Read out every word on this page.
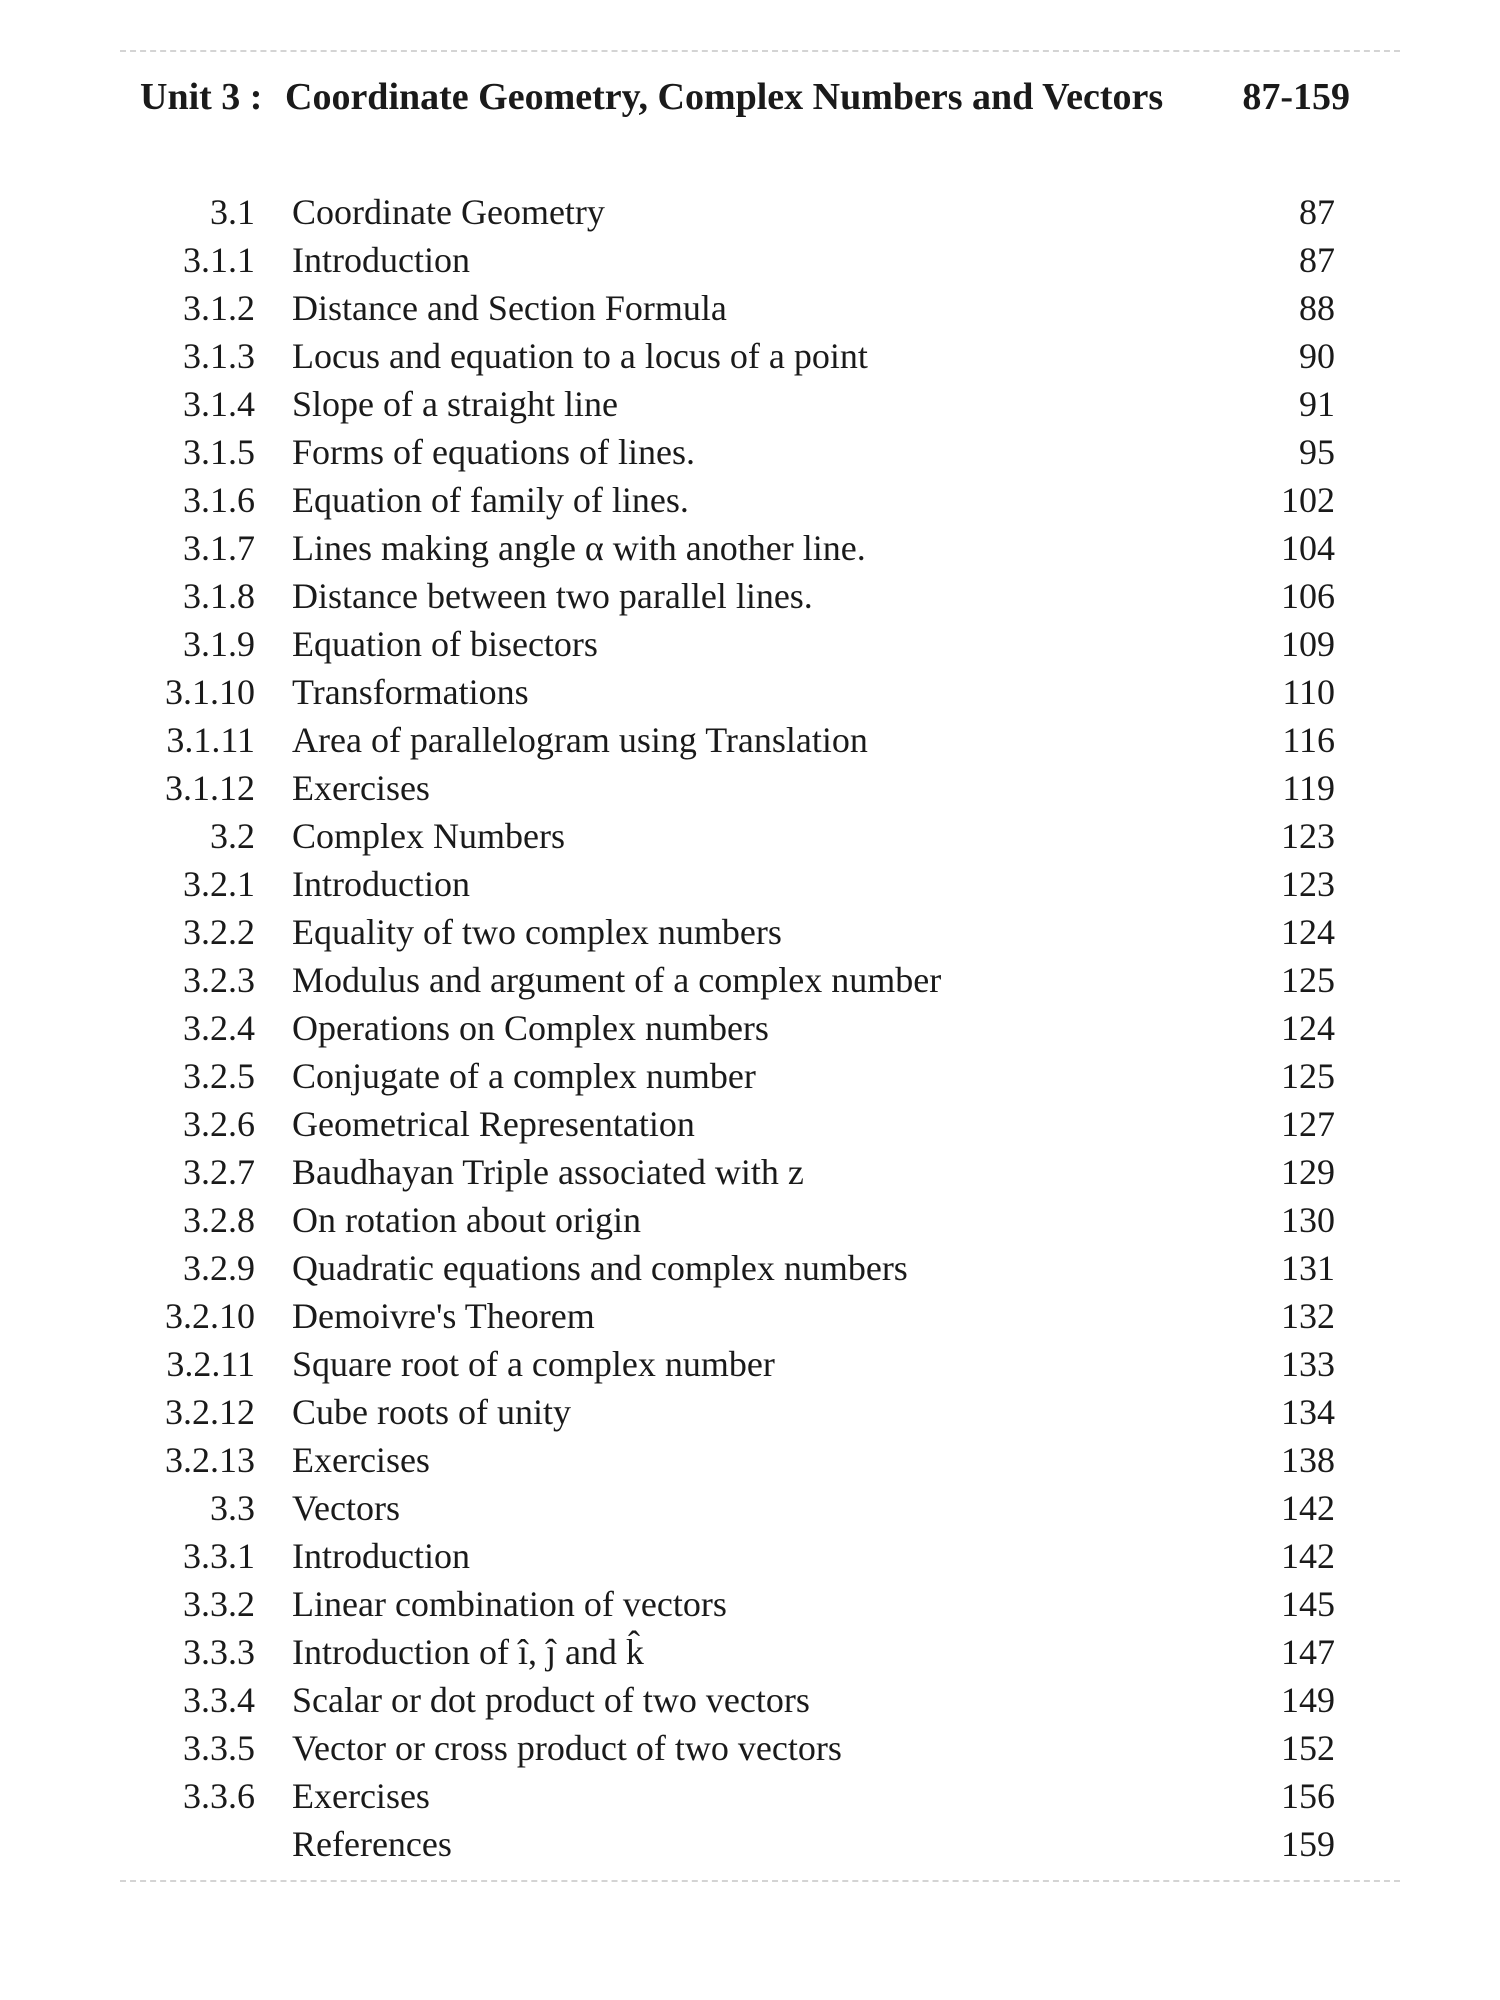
Unit 3 : Coordinate Geometry, Complex Numbers and Vectors	87-159
3.1 Coordinate Geometry	87
3.1.1 Introduction	87
3.1.2 Distance and Section Formula	88
3.1.3 Locus and equation to a locus of a point	90
3.1.4 Slope of a straight line	91
3.1.5 Forms of equations of lines.	95
3.1.6 Equation of family of lines.	102
3.1.7 Lines making angle α with another line.	104
3.1.8 Distance between two parallel lines.	106
3.1.9 Equation of bisectors	109
3.1.10 Transformations	110
3.1.11 Area of parallelogram using Translation	116
3.1.12 Exercises	119
3.2 Complex Numbers	123
3.2.1 Introduction	123
3.2.2 Equality of two complex numbers	124
3.2.3 Modulus and argument of a complex number	125
3.2.4 Operations on Complex numbers	124
3.2.5 Conjugate of a complex number	125
3.2.6 Geometrical Representation	127
3.2.7 Baudhayan Triple associated with z	129
3.2.8 On rotation about origin	130
3.2.9 Quadratic equations and complex numbers	131
3.2.10 Demoivre's Theorem	132
3.2.11 Square root of a complex number	133
3.2.12 Cube roots of unity	134
3.2.13 Exercises	138
3.3 Vectors	142
3.3.1 Introduction	142
3.3.2 Linear combination of vectors	145
3.3.3 Introduction of î, ĵ and k̂	147
3.3.4 Scalar or dot product of two vectors	149
3.3.5 Vector or cross product of two vectors	152
3.3.6 Exercises	156
References	159
